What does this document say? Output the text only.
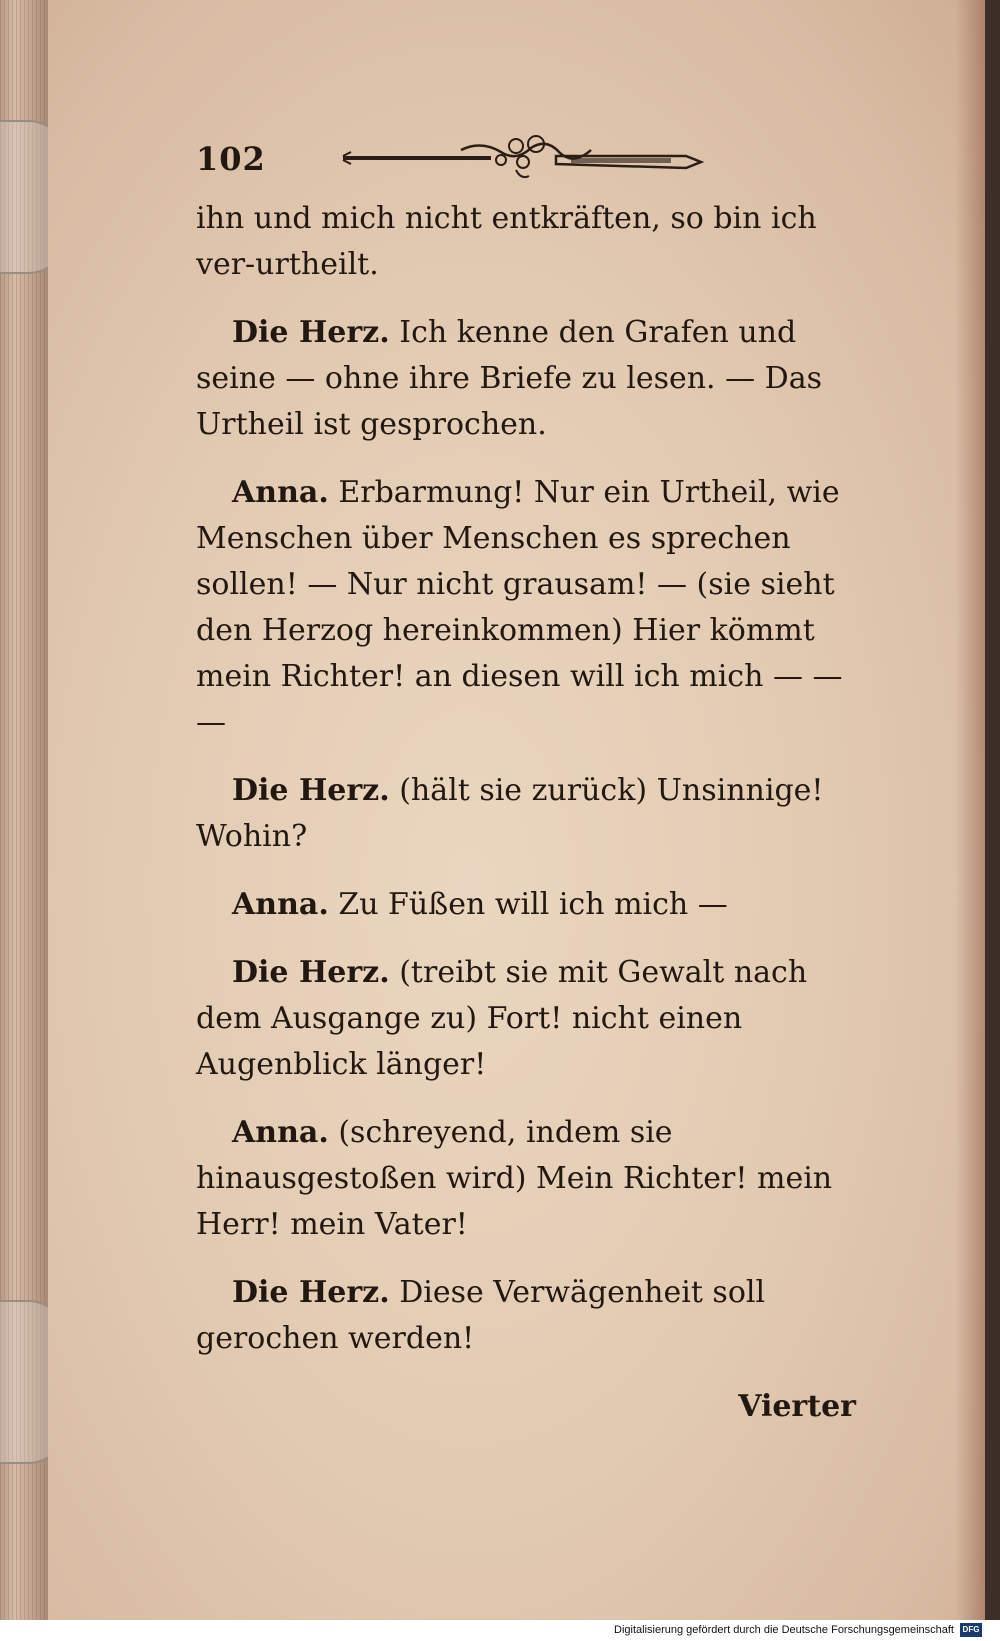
102

ihn und mich nicht entkräften, so bin ich ver-urtheilt.

Die Herz. Ich kenne den Grafen und seine — ohne ihre Briefe zu lesen. — Das Urtheil ist gesprochen.

Anna. Erbarmung! Nur ein Urtheil, wie Menschen über Menschen es sprechen sollen! — Nur nicht grausam! — (sie sieht den Herzog hereinkommen) Hier kömmt mein Richter! an diesen will ich mich — — —

Die Herz. (hält sie zurück) Unsinnige! Wohin?

Anna. Zu Füßen will ich mich —

Die Herz. (treibt sie mit Gewalt nach dem Ausgange zu) Fort! nicht einen Augenblick länger!

Anna. (schreyend, indem sie hinausgestoßen wird) Mein Richter! mein Herr! mein Vater!

Die Herz. Diese Verwägenheit soll gerochen werden!

Vierter

Digitalisierung gefördert durch die Deutsche Forschungsgemeinschaft	DFG
